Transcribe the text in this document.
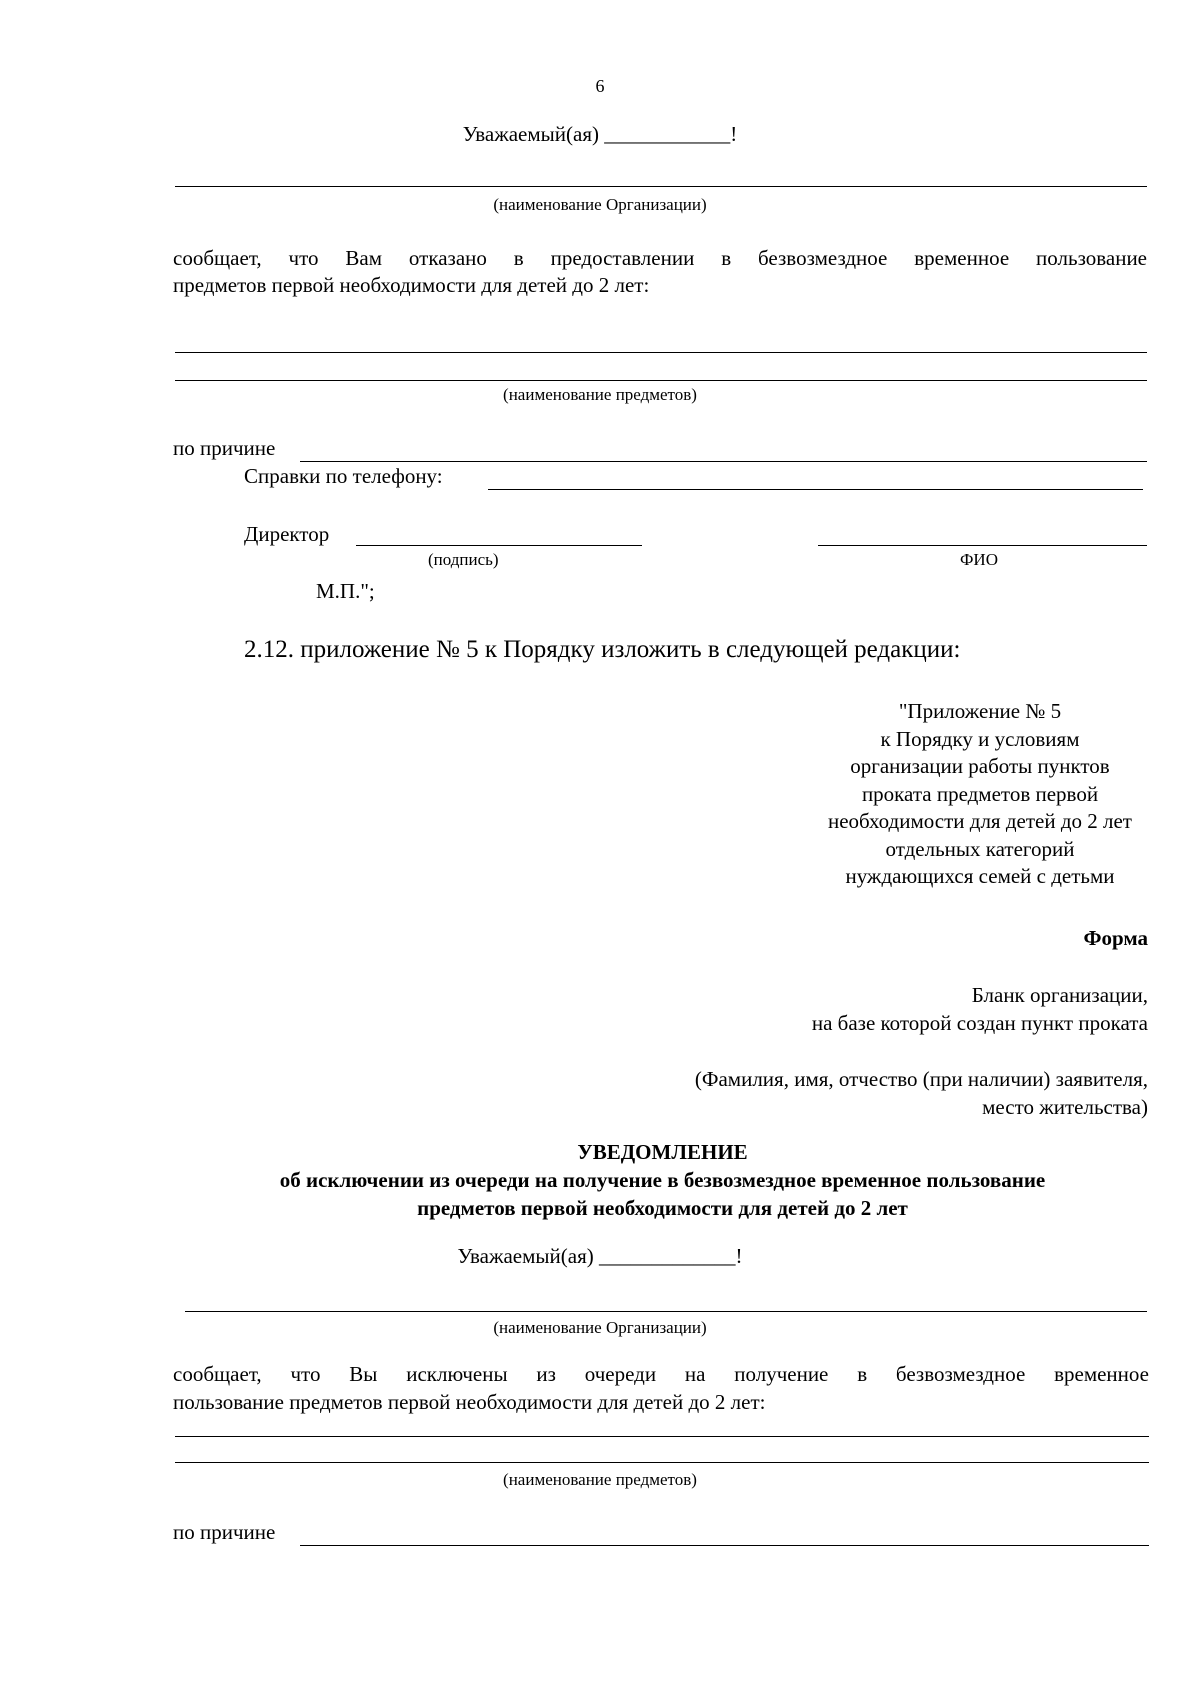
6
Уважаемый(ая) ____________!
(наименование Организации)
сообщает, что Вам отказано в предоставлении в безвозмездное временное пользование
предметов первой необходимости для детей до 2 лет:
(наименование предметов)
по причине
Справки по телефону:
Директор
(подпись)	ФИО
М.П.";
2.12. приложение № 5 к Порядку изложить в следующей редакции:
"Приложение № 5
к Порядку и условиям
организации работы пунктов
проката предметов первой
необходимости для детей до 2 лет
отдельных категорий
нуждающихся семей с детьми
Форма
Бланк организации,
на базе которой создан пункт проката
(Фамилия, имя, отчество (при наличии) заявителя,
место жительства)
УВЕДОМЛЕНИЕ
об исключении из очереди на получение в безвозмездное временное пользование
предметов первой необходимости для детей до 2 лет
Уважаемый(ая) _____________!
(наименование Организации)
сообщает, что Вы исключены из очереди на получение в безвозмездное временное
пользование предметов первой необходимости для детей до 2 лет:
(наименование предметов)
по причине
